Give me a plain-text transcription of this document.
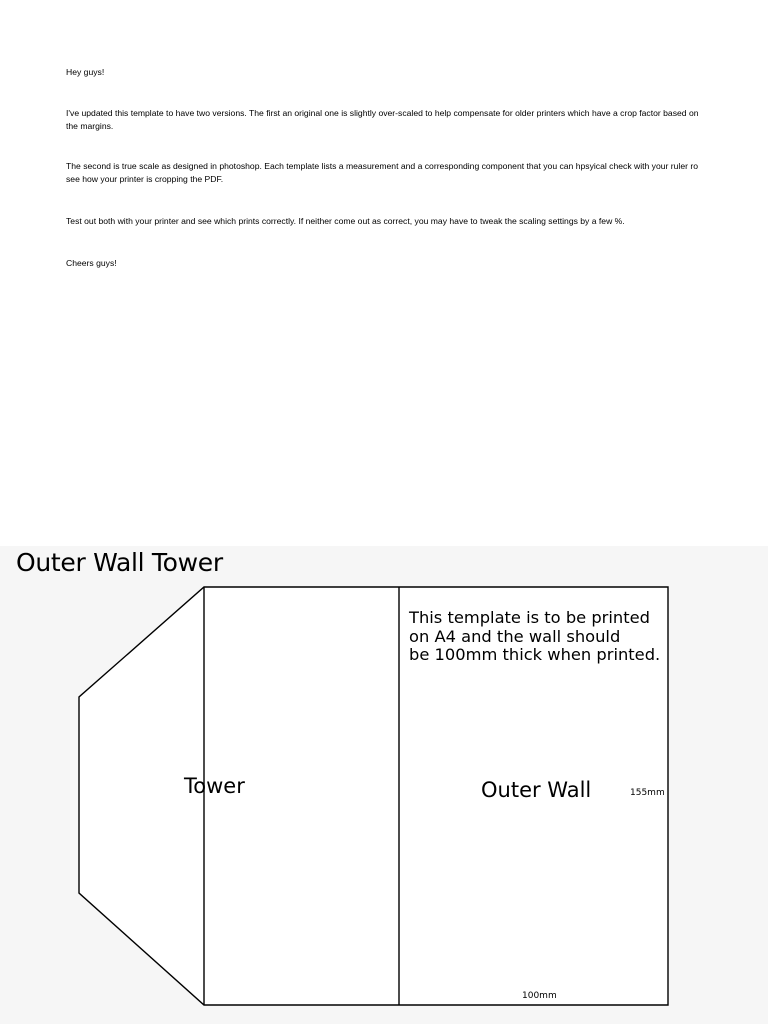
Hey guys!

I've updated this template to have two versions. The first an original one is slightly over-scaled to help compensate for older printers which have a crop factor based on the margins.

The second is true scale as designed in photoshop. Each template lists a measurement and a corresponding component that you can hpsyical check with your ruler ro see how your printer is cropping the PDF.

Test out both with your printer and see which prints correctly. If neither come out as correct, you may have to tweak the scaling settings by a few %.

Cheers guys!

Outer Wall Tower
Tower	Outer Wall
This template is to be printed
on A4 and the wall should
be 100mm thick when printed.
155mm
100mm
